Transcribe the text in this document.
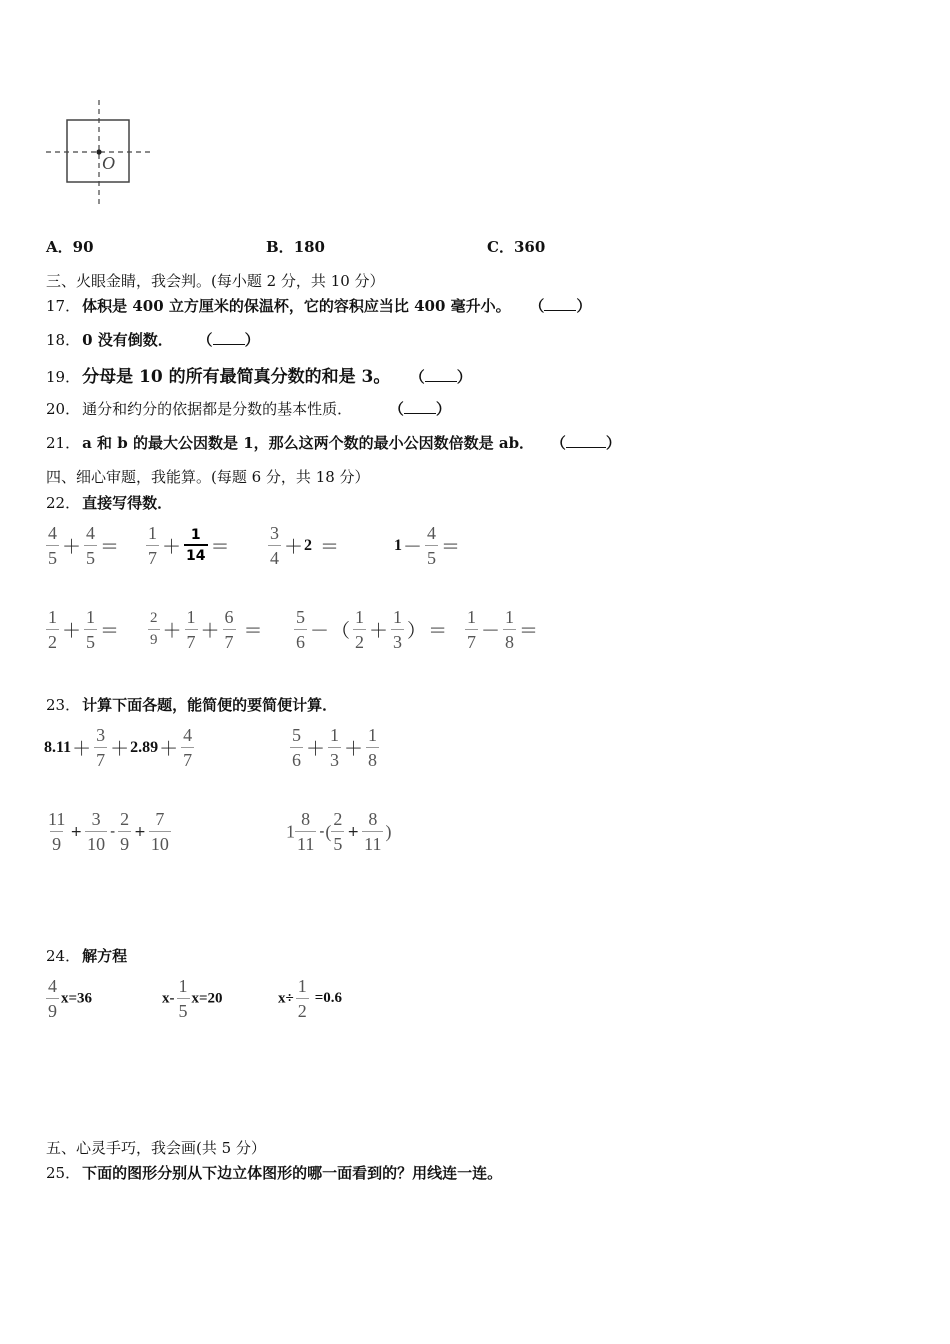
O
A．90	B．180	C．360
三、火眼金睛，我会判。(每小题 2 分，共 10 分）
17． 体积是 400 立方厘米的保温杯，它的容积应当比 400 毫升小。 （ ）
18． 0 没有倒数． （ ）
19． 分母是 10 的所有最简真分数的和是 3。 （ ）
20． 通分和约分的依据都是分数的基本性质． （ ）
21． a 和 b 的最大公因数是 1，那么这两个数的最小公因数倍数是 ab． （	）
四、细心审题，我能算。(每题 6 分，共 18 分）
22． 直接写得数．
$\frac{4}{5} + \frac{4}{5} = \frac{1}{7} + \frac{1}{14} = \frac{3}{4} +2$ ＝	$1- \frac{4}{5}$ ＝
$\frac{1}{2} + \frac{1}{5} = \frac{2}{9} + \frac{1}{7} + \frac{6}{7} = \frac{5}{6}$ － （ $\frac{1}{2} + \frac{1}{3}$ ） ＝ $\frac{1}{7} - \frac{1}{8}$ ＝
23． 计算下面各题，能简便的要简便计算．
$8.11+ \frac{3}{7} +2.89+ \frac{4}{7}$	$\frac{5}{6} + \frac{1}{3} + \frac{1}{8}$
$\frac{11}{9} + \frac{3}{10} - \frac{2}{9} + \frac{7}{10}$	$1 \frac{8}{11}$ -( $\frac{2}{5} + \frac{8}{11}$ )
24． 解方程
$\frac{4}{9} x=36$	$x- \frac{1}{5} x=20$	$x\div \frac{1}{2} =0.6$
五、心灵手巧，我会画(共 5 分）
25． 下面的图形分别从下边立体图形的哪一面看到的？用线连一连。
